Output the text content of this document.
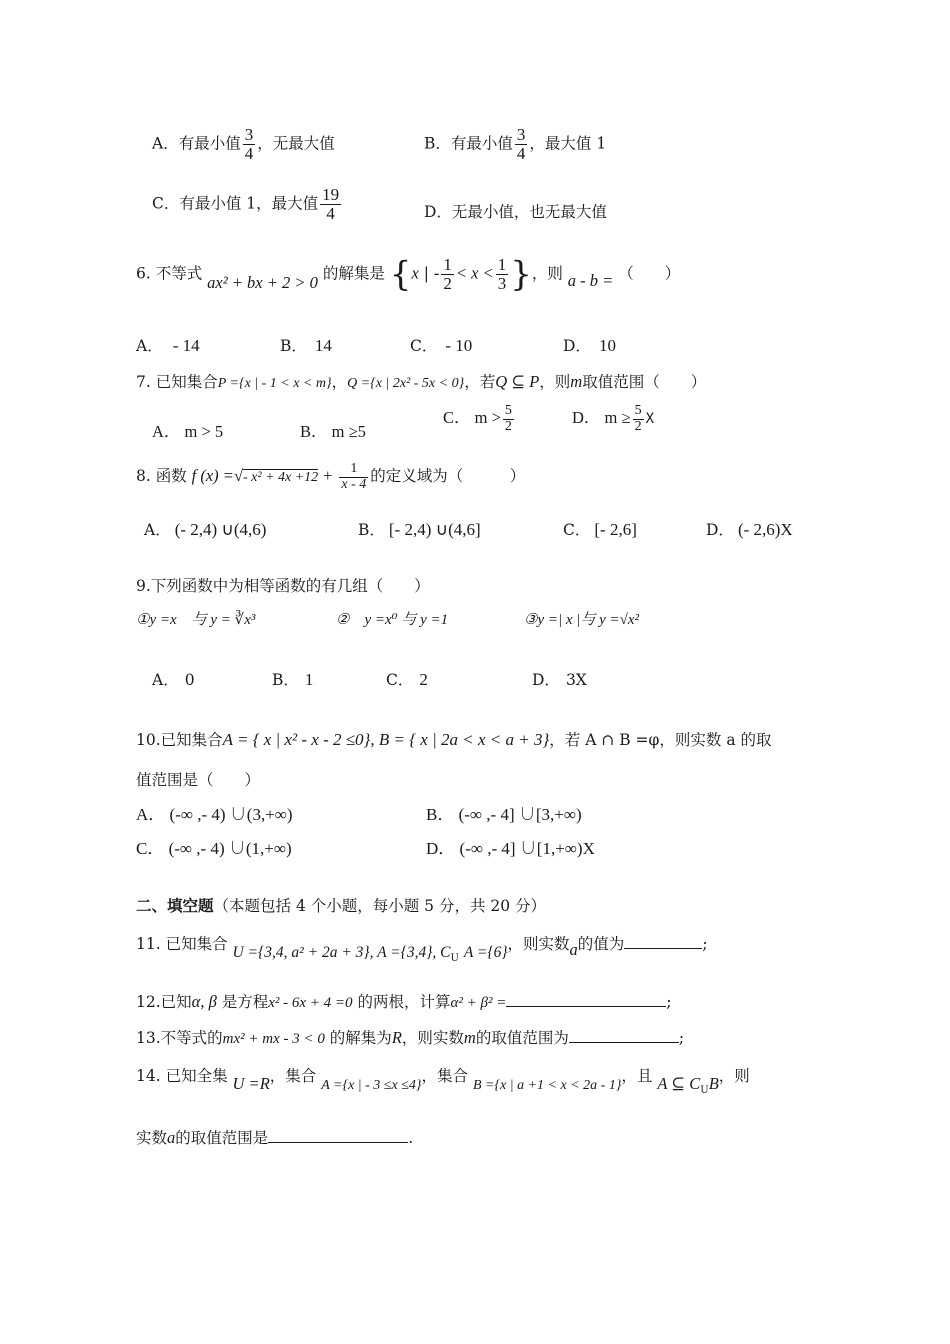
A．有最小值 $\frac{3}{4}$ ，无最大值	B．有最小值 $\frac{3}{4}$ ，最大值 1
C．有最小值 1，最大值 $\frac{19}{4}$	D．无最小值，也无最大值
6. 不等式 ax² + bx + 2 > 0 的解集是 {x | - $\frac{1}{2} < x < \frac{1}{3}$ }，则 a - b = （　　）
A． - 14	B． 14	C． - 10	D． 10
7. 已知集合P ={x | - 1 < x < m}，Q ={x | 2x² - 5x < 0}，若Q ⊆ P，则m取值范围（　　）
A． m > 5	B． m ≥5
C． $m > \frac{5}{2}$	D． $m \ge \frac{5}{2}$ X
8. 函数 f (x) =√- $x^2 + 4x +12 + \frac{1}{x - 4}$ 的定义域为（　　　）
A． (- 2,4) ∪(4,6)	B． [- 2,4) ∪(4,6]	C． [- 2,6]	D． (- 2,6)X
9.下列函数中为相等函数的有几组（　　）
①y =x　与 y = ∛x³	②　y =x⁰ 与 y =1	③y =| x |与 y =√x²
A． 0	B． 1	C． 2	D． 3X
10.已知集合A = { x | x² - x - 2 ≤0}, B = { x | 2a < x < a + 3}，若 A ∩ B =φ，则实数 a 的取
值范围是（　　）
A． (-∞ ,- 4) ∪(3,+∞)	B． (-∞ ,- 4] ∪[3,+∞)
C． (-∞ ,- 4) ∪(1,+∞)	D． (-∞ ,- 4] ∪[1,+∞)X
二、填空题（本题包括 4 个小题，每小题 5 分，共 20 分）
11. 已知集合 U ={3,4, a² + 2a + 3}, A ={3,4}, $C_U$ A ={6}，则实数a的值为	;
12.已知α, β 是方程x² - 6x + 4 =0 的两根，计算α² + β² =	;
13.不等式的mx² + mx - 3 < 0 的解集为R，则实数m的取值范围为	;
14. 已知全集 U =R，集合 A ={x | - 3 ≤x ≤4}，集合 B ={x | a +1 < x < 2a - 1}，且 A ⊆ $C_UB$，则
实数a的取值范围是	.
